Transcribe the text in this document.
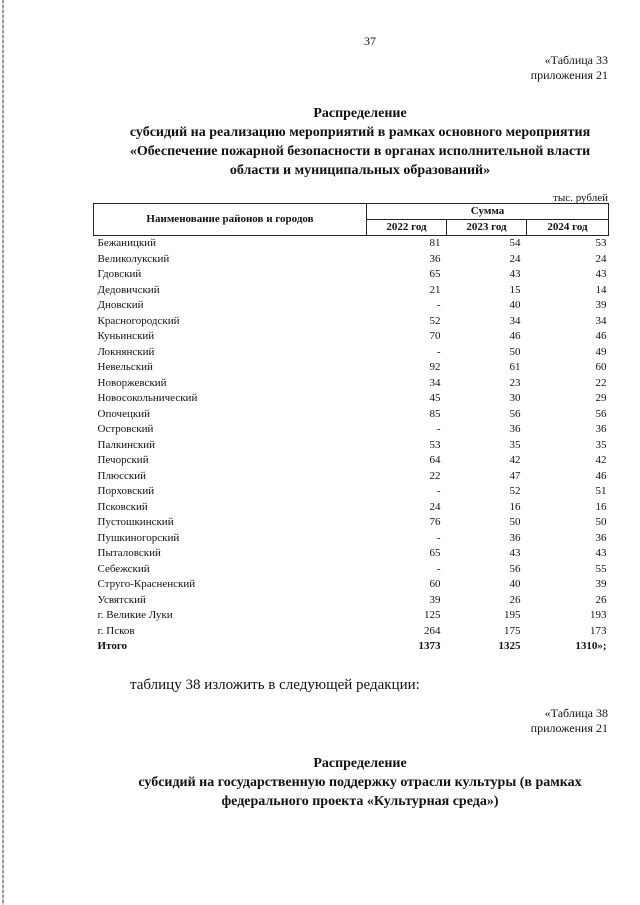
37
«Таблица 33
приложения 21
Распределение
субсидий на реализацию мероприятий в рамках основного мероприятия
«Обеспечение пожарной безопасности в органах исполнительной власти
области и муниципальных образований»
тыс. рублей
Наименование районов и городов	Сумма		
	2022 год	2023 год	2024 год
Бежаницкий	81	54	53
Великолукский	36	24	24
Гдовский	65	43	43
Дедовичский	21	15	14
Дновский	-	40	39
Красногородский	52	34	34
Куньинский	70	46	46
Локнянский	-	50	49
Невельский	92	61	60
Новоржевский	34	23	22
Новосокольнический	45	30	29
Опочецкий	85	56	56
Островский	-	36	36
Палкинский	53	35	35
Печорский	64	42	42
Плюсский	22	47	46
Порховский	-	52	51
Псковский	24	16	16
Пустошкинский	76	50	50
Пушкиногорский	-	36	36
Пыталовский	65	43	43
Себежский	-	56	55
Струго-Красненский	60	40	39
Усвятский	39	26	26
г. Великие Луки	125	195	193
г. Псков	264	175	173
Итого	1373	1325	1310»;
таблицу 38 изложить в следующей редакции:
«Таблица 38
приложения 21
Распределение
субсидий на государственную поддержку отрасли культуры (в рамках
федерального проекта «Культурная среда»)
